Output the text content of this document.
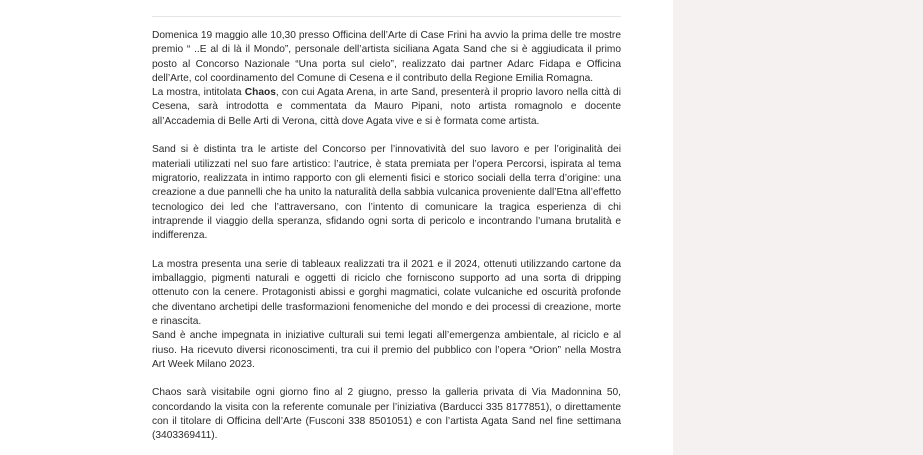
Domenica 19 maggio alle 10,30 presso Officina dell’Arte di Case Frini ha avvio la prima delle tre mostre premio “ ..E al di là il Mondo”, personale dell’artista siciliana Agata Sand che si è aggiudicata il primo posto al Concorso Nazionale “Una porta sul cielo”, realizzato dai partner Adarc Fidapa e Officina dell’Arte, col coordinamento del Comune di Cesena e il contributo della Regione Emilia Romagna.

La mostra, intitolata Chaos, con cui Agata Arena, in arte Sand, presenterà il proprio lavoro nella città di Cesena, sarà introdotta e commentata da Mauro Pipani, noto artista romagnolo e docente all’Accademia di Belle Arti di Verona, città dove Agata vive e si è formata come artista.

Sand si è distinta tra le artiste del Concorso per l’innovatività del suo lavoro e per l’originalità dei materiali utilizzati nel suo fare artistico: l’autrice, è stata premiata per l’opera Percorsi, ispirata al tema migratorio, realizzata in intimo rapporto con gli elementi fisici e storico sociali della terra d’origine: una creazione a due pannelli che ha unito la naturalità della sabbia vulcanica proveniente dall’Etna all’effetto tecnologico dei led che l’attraversano, con l’intento di comunicare la tragica esperienza di chi intraprende il viaggio della speranza, sfidando ogni sorta di pericolo e incontrando l’umana brutalità e indifferenza.

La mostra presenta una serie di tableaux realizzati tra il 2021 e il 2024, ottenuti utilizzando cartone da imballaggio, pigmenti naturali e oggetti di riciclo che forniscono supporto ad una sorta di dripping ottenuto con la cenere. Protagonisti abissi e gorghi magmatici, colate vulcaniche ed oscurità profonde che diventano archetipi delle trasformazioni fenomeniche del mondo e dei processi di creazione, morte e rinascita.

Sand è anche impegnata in iniziative culturali sui temi legati all’emergenza ambientale, al riciclo e al riuso. Ha ricevuto diversi riconoscimenti, tra cui il premio del pubblico con l’opera “Orion” nella Mostra Art Week Milano 2023.

Chaos sarà visitabile ogni giorno fino al 2 giugno, presso la galleria privata di Via Madonnina 50, concordando la visita con la referente comunale per l’iniziativa (Barducci 335 8177851), o direttamente con il titolare di Officina dell’Arte (Fusconi 338 8501051) e con l’artista Agata Sand nel fine settimana (3403369411).
